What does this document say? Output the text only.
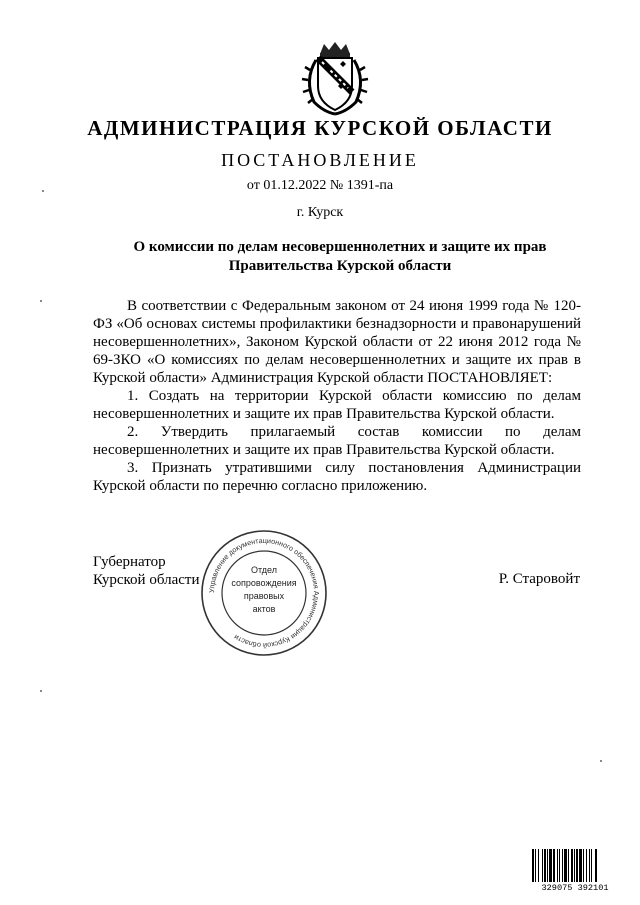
АДМИНИСТРАЦИЯ КУРСКОЙ ОБЛАСТИ
ПОСТАНОВЛЕНИЕ
от 01.12.2022 № 1391-па
г. Курск
О комиссии по делам несовершеннолетних и защите их прав
Правительства Курской области

В соответствии с Федеральным законом от 24 июня 1999 года № 120-ФЗ «Об основах системы профилактики безнадзорности и правонарушений несовершеннолетних», Законом Курской области от 22 июня 2012 года № 69-ЗКО «О комиссиях по делам несовершеннолетних и защите их прав в Курской области» Администрация Курской области ПОСТАНОВЛЯЕТ:

1. Создать на территории Курской области комиссию по делам несовершеннолетних и защите их прав Правительства Курской области.

2. Утвердить прилагаемый состав комиссии по делам несовершеннолетних и защите их прав Правительства Курской области.

3. Признать утратившими силу постановления Администрации Курской области по перечню согласно приложению.

Губернатор
Курской области	Р. Старовойт
Управление документационного обеспечения Администрации Курской области
Отдел
сопровождения
правовых
актов
329075 392101
